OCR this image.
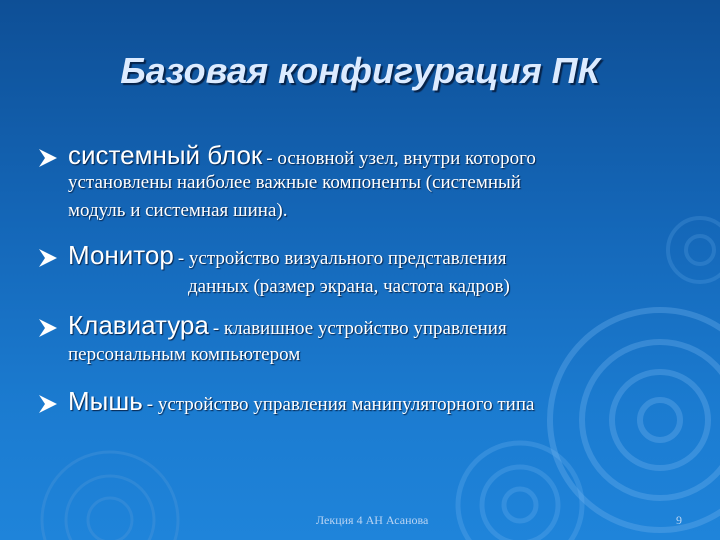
Базовая конфигурация ПК
системный блок - основной узел, внутри которого
установлены наиболее важные компоненты (системный
модуль и системная шина).
Монитор - устройство визуального представления
данных (размер экрана, частота кадров)
Клавиатура - клавишное устройство управления
персональным компьютером
Мышь - устройство управления манипуляторного типа
Лекция 4 АН Асанова	9
